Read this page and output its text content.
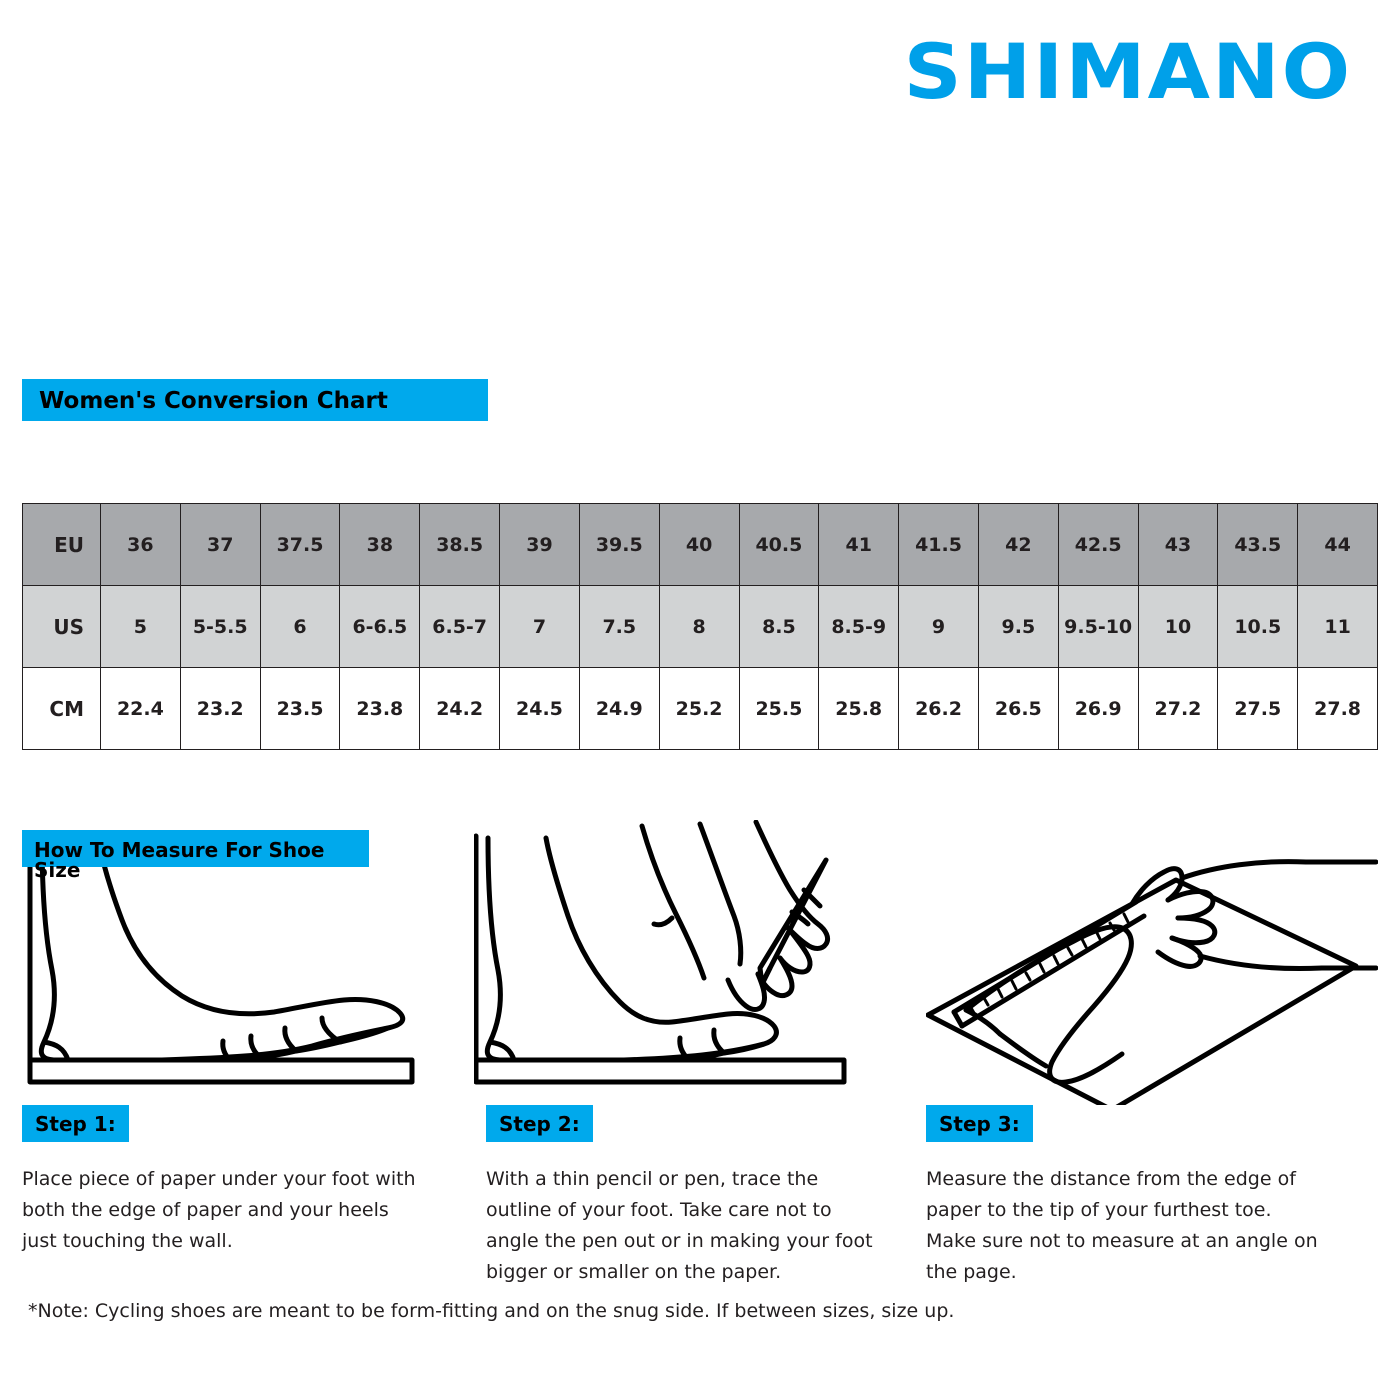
SHIMANO
Women's Conversion Chart
EU	36	37	37.5	38	38.5	39	39.5	40	40.5	41	41.5	42	42.5	43	43.5	44
US	5	5-5.5	6	6-6.5	6.5-7	7	7.5	8	8.5	8.5-9	9	9.5	9.5-10	10	10.5	11
CM	22.4	23.2	23.5	23.8	24.2	24.5	24.9	25.2	25.5	25.8	26.2	26.5	26.9	27.2	27.5	27.8
Step 1:
Place piece of paper under your foot with both the edge of paper and your heels just touching the wall.
Step 2:
With a thin pencil or pen, trace the outline of your foot. Take care not to angle the pen out or in making your foot bigger or smaller on the paper.
Step 3:
Measure the distance from the edge of paper to the tip of your furthest toe. Make sure not to measure at an angle on the page.
How To Measure For Shoe Size
*Note: Cycling shoes are meant to be form-fitting and on the snug side. If between sizes, size up.
